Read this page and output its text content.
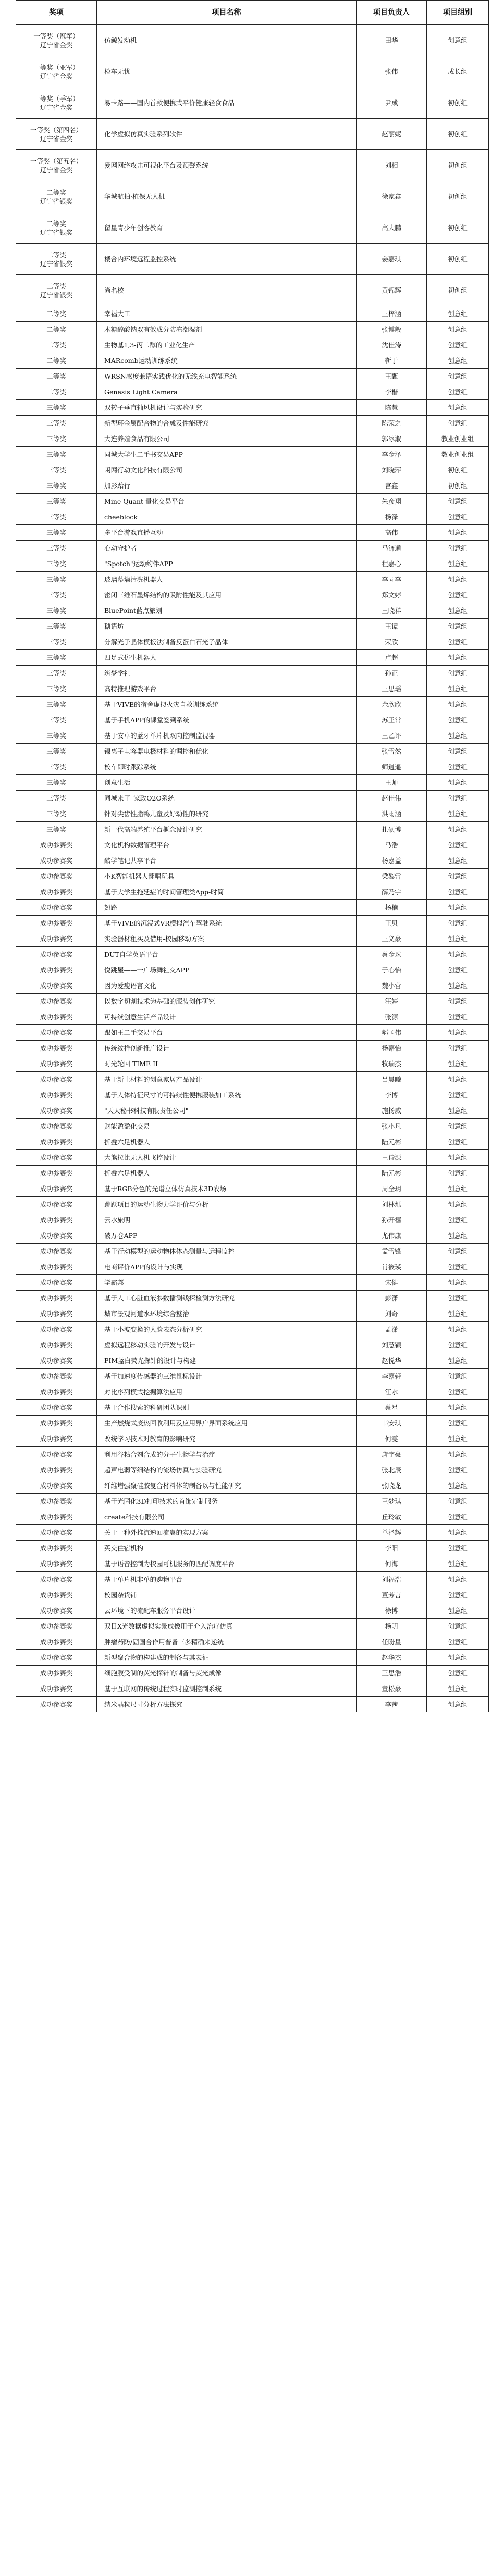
奖项	项目名称	项目负责人	项目组别

一等奖（冠军）
辽宁省金奖	仿鲸发动机	田华	创意组

一等奖（亚军）
辽宁省金奖	检车无忧	张伟	成长组

一等奖（季军）
辽宁省金奖	易卡路——国内首款便携式平价健康轻食食品	尹成	初创组

一等奖（第四名）
辽宁省金奖	化学虚拟仿真实验系列软件	赵丽妮	初创组

一等奖（第五名）
辽宁省金奖	爱网网络攻击可视化平台及预警系统	刘相	初创组

二等奖
辽宁省银奖	华城航拍·植保无人机	徐家鑫	初创组

二等奖
辽宁省银奖	留星青少年创客教育	高大鹏	初创组

二等奖
辽宁省银奖	楼合内环境远程监控系统	姜嘉琪	初创组

二等奖
辽宁省银奖	尚名校	黄锦辉	初创组

二等奖	幸福大工	王梓涵	创意组

二等奖	木糖醇酸钠双有效成分防冻潮湿剂	张博毅	创意组

二等奖	生物基1,3-丙二醇的工业化生产	沈佳涛	创意组

二等奖	MARcomb运动训练系统	靳于	创意组

二等奖	WRSN感度兼语实践优化的无线充电智能系统	王甄	创意组

二等奖	Genesis Light Camera	李楷	创意组

三等奖	双转子垂直轴风机设计与实验研究	陈慧	创意组

三等奖	新型环金属配合物的合成及性能研究	陈荣之	创意组

三等奖	大连养殖食品有限公司	郭冰淑	教业创业组

三等奖	同城大学生二手书交易APP	李金泽	教业创业组

三等奖	闲网行动文化科技有限公司	刘晓萍	初创组

三等奖	加影跆行	宫鑫	初创组

三等奖	Mine Quant 量化交易平台	朱彦翔	创意组

三等奖	cheeblock	杨泽	创意组

三等奖	多平台游戏直播互动	高伟	创意组

三等奖	心动守护者	马济通	创意组

三等奖	"Spotch"运动约伴APP	程嘉心	创意组

三等奖	玻璃幕墙清洗机器人	李同李	创意组

三等奖	密闭三维石墨烯结构的吸附性能及其应用	郑文婷	创意组

三等奖	BluePoint蓝点旅划	王晓祥	创意组

三等奖	糖语坊	王谭	创意组

三等奖	分解光子晶体模板法制备反蛋白石光子晶体	荣欣	创意组

三等奖	四足式仿生机器人	卢超	创意组

三等奖	筑梦学社	孙正	创意组

三等奖	高特推理游戏平台	王思瑶	创意组

三等奖	基于VIVE的宿舍虚拟火灾自救训练系统	余欣欣	创意组

三等奖	基于手机APP的课堂签到系统	苏王常	创意组

三等奖	基于安卓的蓝牙单片机双向控制监视器	王乙评	创意组

三等奖	镍离子电容器电极材料的调控和优化	张雪然	创意组

三等奖	校车即时跟踪系统	师逍遥	创意组

三等奖	创意生活	王师	创意组

三等奖	同城来了_家政O2O系统	赵佳伟	创意组

三等奖	针对尖齿性脂鸭儿童及好动性的研究	洪雨涵	创意组

三等奖	新一代高端养殖平台概念设计研究	扎硕博	创意组

成功参赛奖	文化机构数据管理平台	马浩	创意组

成功参赛奖	酷学笔记共享平台	杨嘉益	创意组

成功参赛奖	小K智能机器人翻唱玩具	梁黎雷	创意组

成功参赛奖	基于大学生拖延症的时间管理类App-时简	薛乃宇	创意组

成功参赛奖	翅路	杨楠	创意组

成功参赛奖	基于VIVE的沉浸式VR模拟汽车驾驶系统	王贝	创意组

成功参赛奖	实验器材租买及借用-校园移动方案	王义豪	创意组

成功参赛奖	DUT自学英语平台	蔡金珠	创意组

成功参赛奖	悦跳屋——一广场舞社交APP	于心怡	创意组

成功参赛奖	因为爱瘦语言文化	魏小营	创意组

成功参赛奖	以数字切割技术为基础的服装创作研究	汪婷	创意组

成功参赛奖	可持续创意生活产品设计	张源	创意组

成功参赛奖	跟如王二手交易平台	郝国伟	创意组

成功参赛奖	传统纹样创新推广设计	杨嘉怡	创意组

成功参赛奖	时光轮回 TIME II	牧瑞杰	创意组

成功参赛奖	基于新土材料的创意家居产品设计	吕晨曦	创意组

成功参赛奖	基于人体特征尺寸的可持续性便携服装加工系统	李博	创意组

成功参赛奖	"天天秘书科技有限责任公司"	施扬威	创意组

成功参赛奖	财能盈盈化交易	张小凡	创意组

成功参赛奖	折叠六足机器人	陆元彬	创意组

成功参赛奖	大熊拉比无人机飞控设计	王诗源	创意组

成功参赛奖	折叠六足机器人	陆元彬	创意组

成功参赛奖	基于RGB分色的光谱立体仿真技术3D农场	周全玥	创意组

成功参赛奖	跳跃项目的运动生物力学评价与分析	刘林烁	创意组

成功参赛奖	云水旅明	孙开禧	创意组

成功参赛奖	破万卷APP	尤伟康	创意组

成功参赛奖	基于行动模型的运动物体体态测量与远程监控	孟雪锋	创意组

成功参赛奖	电商评价APP的设计与实现	肖筱瑛	创意组

成功参赛奖	学霸邦	宋健	创意组

成功参赛奖	基于人工心脏血液参数播测线探检测方法研究	彭潇	创意组

成功参赛奖	城市景观河道水环境综合整治	刘奇	创意组

成功参赛奖	基于小波变换的人脸表态分析研究	孟潇	创意组

成功参赛奖	虚拟远程移动实验的开发与设计	刘慧颖	创意组

成功参赛奖	PIM蓝白荧光探针的设计与构建	赵悦华	创意组

成功参赛奖	基于加速度传感器的三维鼠标设计	李嘉轩	创意组

成功参赛奖	对比序列模式挖掘算法应用	江水	创意组

成功参赛奖	基于合作搜索的科研团队识别	蔡星	创意组

成功参赛奖	生产燃烧式废热回收利用及应用界户界面系统应用	韦安琪	创意组

成功参赛奖	改统学习技术对教育的影响研究	何雯	创意组

成功参赛奖	利用谷粘合剂合成的分子生物学与治疗	唐宇豪	创意组

成功参赛奖	超声电弱等细结构的流场仿真与实验研究	张北辰	创意组

成功参赛奖	纤维增强聚硅胶复合材料体的制备以与性能研究	张晓龙	创意组

成功参赛奖	基于光固化3D打印技术的首饰定制服务	王梦琪	创意组

成功参赛奖	create科技有限公司	丘玲敏	创意组

成功参赛奖	关于一种外推流速回流翼的实现方案	单泽辉	创意组

成功参赛奖	英交住宿机构	李阳	创意组

成功参赛奖	基于语音控制为校园可机服务的匹配调度平台	何海	创意组

成功参赛奖	基于单片机非单的购物平台	刘福浩	创意组

成功参赛奖	校园杂货铺	董芳言	创意组

成功参赛奖	云环境下的流配车服务平台设计	徐博	创意组

成功参赛奖	双目X光数据虚拟实景成像用于介入治疗仿真	杨明	创意组

成功参赛奖	肿瘤药防/固国合作用普备三多精确来递统	任盼星	创意组

成功参赛奖	新型聚合物的构建成的制备与其表征	赵华杰	创意组

成功参赛奖	细胞膜受制的荧光探针的制备与荧光成像	王思浩	创意组

成功参赛奖	基于互联网的传统过程实时监测控制系统	童松豪	创意组

成功参赛奖	纳米晶粒尺寸分析方法探究	李茜	创意组
